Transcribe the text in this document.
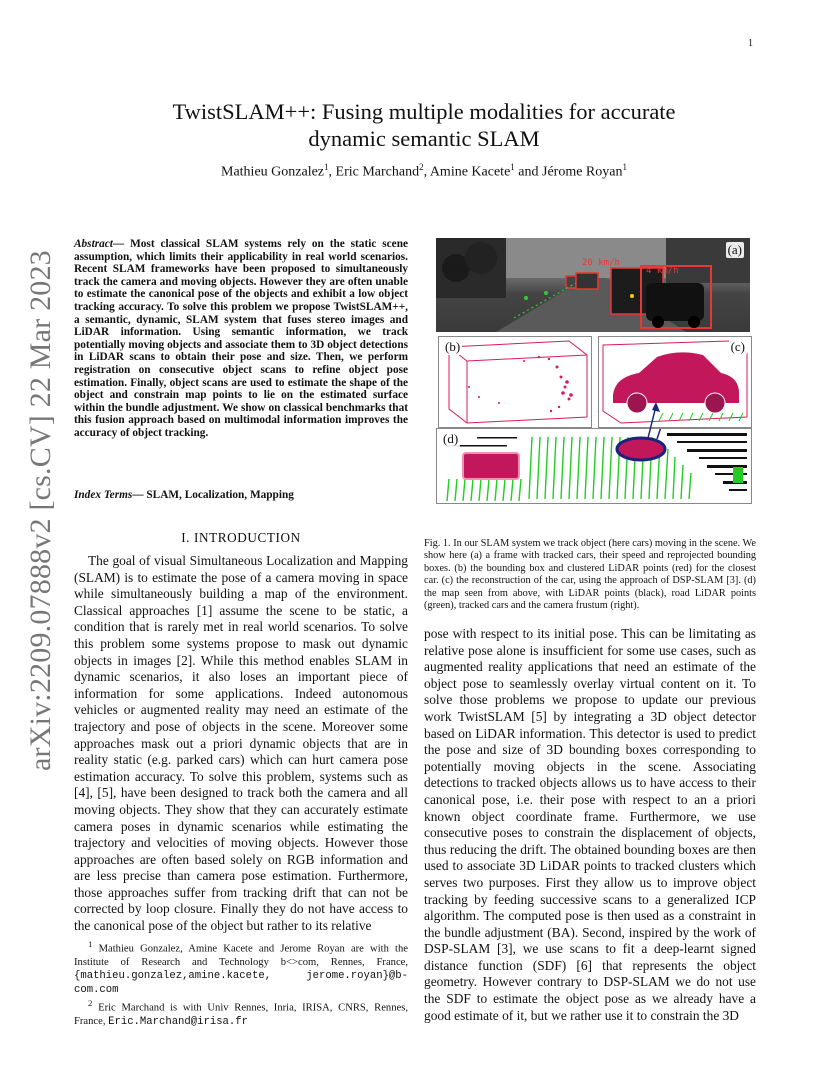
1
arXiv:2209.07888v2 [cs.CV] 22 Mar 2023
TwistSLAM++: Fusing multiple modalities for accurate
dynamic semantic SLAM
Mathieu Gonzalez$^1$, Eric Marchand$^2$, Amine Kacete$^1$ and Jérome Royan$^1$
Abstract— Most classical SLAM systems rely on the static scene assumption, which limits their applicability in real world scenarios. Recent SLAM frameworks have been proposed to simultaneously track the camera and moving objects. However they are often unable to estimate the canonical pose of the objects and exhibit a low object tracking accuracy. To solve this problem we propose TwistSLAM++, a semantic, dynamic, SLAM system that fuses stereo images and LiDAR information. Using semantic information, we track potentially moving objects and associate them to 3D object detections in LiDAR scans to obtain their pose and size. Then, we perform registration on consecutive object scans to refine object pose estimation. Finally, object scans are used to estimate the shape of the object and constrain map points to lie on the estimated surface within the bundle adjustment. We show on classical benchmarks that this fusion approach based on multimodal information improves the accuracy of object tracking.
Index Terms— SLAM, Localization, Mapping
I. INTRODUCTION
The goal of visual Simultaneous Localization and Mapping (SLAM) is to estimate the pose of a camera moving in space while simultaneously building a map of the environment. Classical approaches [1] assume the scene to be static, a condition that is rarely met in real world scenarios. To solve this problem some systems propose to mask out dynamic objects in images [2]. While this method enables SLAM in dynamic scenarios, it also loses an important piece of information for some applications. Indeed autonomous vehicles or augmented reality may need an estimate of the trajectory and pose of objects in the scene. Moreover some approaches mask out a priori dynamic objects that are in reality static (e.g. parked cars) which can hurt camera pose estimation accuracy. To solve this problem, systems such as [4], [5], have been designed to track both the camera and all moving objects. They show that they can accurately estimate camera poses in dynamic scenarios while estimating the trajectory and velocities of moving objects. However those approaches are often based solely on RGB information and are less precise than camera pose estimation. Furthermore, those approaches suffer from tracking drift that can not be corrected by loop closure. Finally they do not have access to the canonical pose of the object but rather to its relative
$^1$ Mathieu Gonzalez, Amine Kacete and Jerome Royan are with the Institute of Research and Technology b<>com, Rennes, France, {mathieu.gonzalez,amine.kacete, jerome.royan}@b-com.com
$^2$ Eric Marchand is with Univ Rennes, Inria, IRISA, CNRS, Rennes, France, Eric.Marchand@irisa.fr
20 km/h
4 km/h
(a)
(b)	(c)
(d)
Fig. 1. In our SLAM system we track object (here cars) moving in the scene. We show here (a) a frame with tracked cars, their speed and reprojected bounding boxes. (b) the bounding box and clustered LiDAR points (red) for the closest car. (c) the reconstruction of the car, using the approach of DSP-SLAM [3]. (d) the map seen from above, with LiDAR points (black), road LiDAR points (green), tracked cars and the camera frustum (right).
pose with respect to its initial pose. This can be limitating as relative pose alone is insufficient for some use cases, such as augmented reality applications that need an estimate of the object pose to seamlessly overlay virtual content on it. To solve those problems we propose to update our previous work TwistSLAM [5] by integrating a 3D object detector based on LiDAR information. This detector is used to predict the pose and size of 3D bounding boxes corresponding to potentially moving objects in the scene. Associating detections to tracked objects allows us to have access to their canonical pose, i.e. their pose with respect to an a priori known object coordinate frame. Furthermore, we use consecutive poses to constrain the displacement of objects, thus reducing the drift. The obtained bounding boxes are then used to associate 3D LiDAR points to tracked clusters which serves two purposes. First they allow us to improve object tracking by feeding successive scans to a generalized ICP algorithm. The computed pose is then used as a constraint in the bundle adjustment (BA). Second, inspired by the work of DSP-SLAM [3], we use scans to fit a deep-learnt signed distance function (SDF) [6] that represents the object geometry. However contrary to DSP-SLAM we do not use the SDF to estimate the object pose as we already have a good estimate of it, but we rather use it to constrain the 3D
